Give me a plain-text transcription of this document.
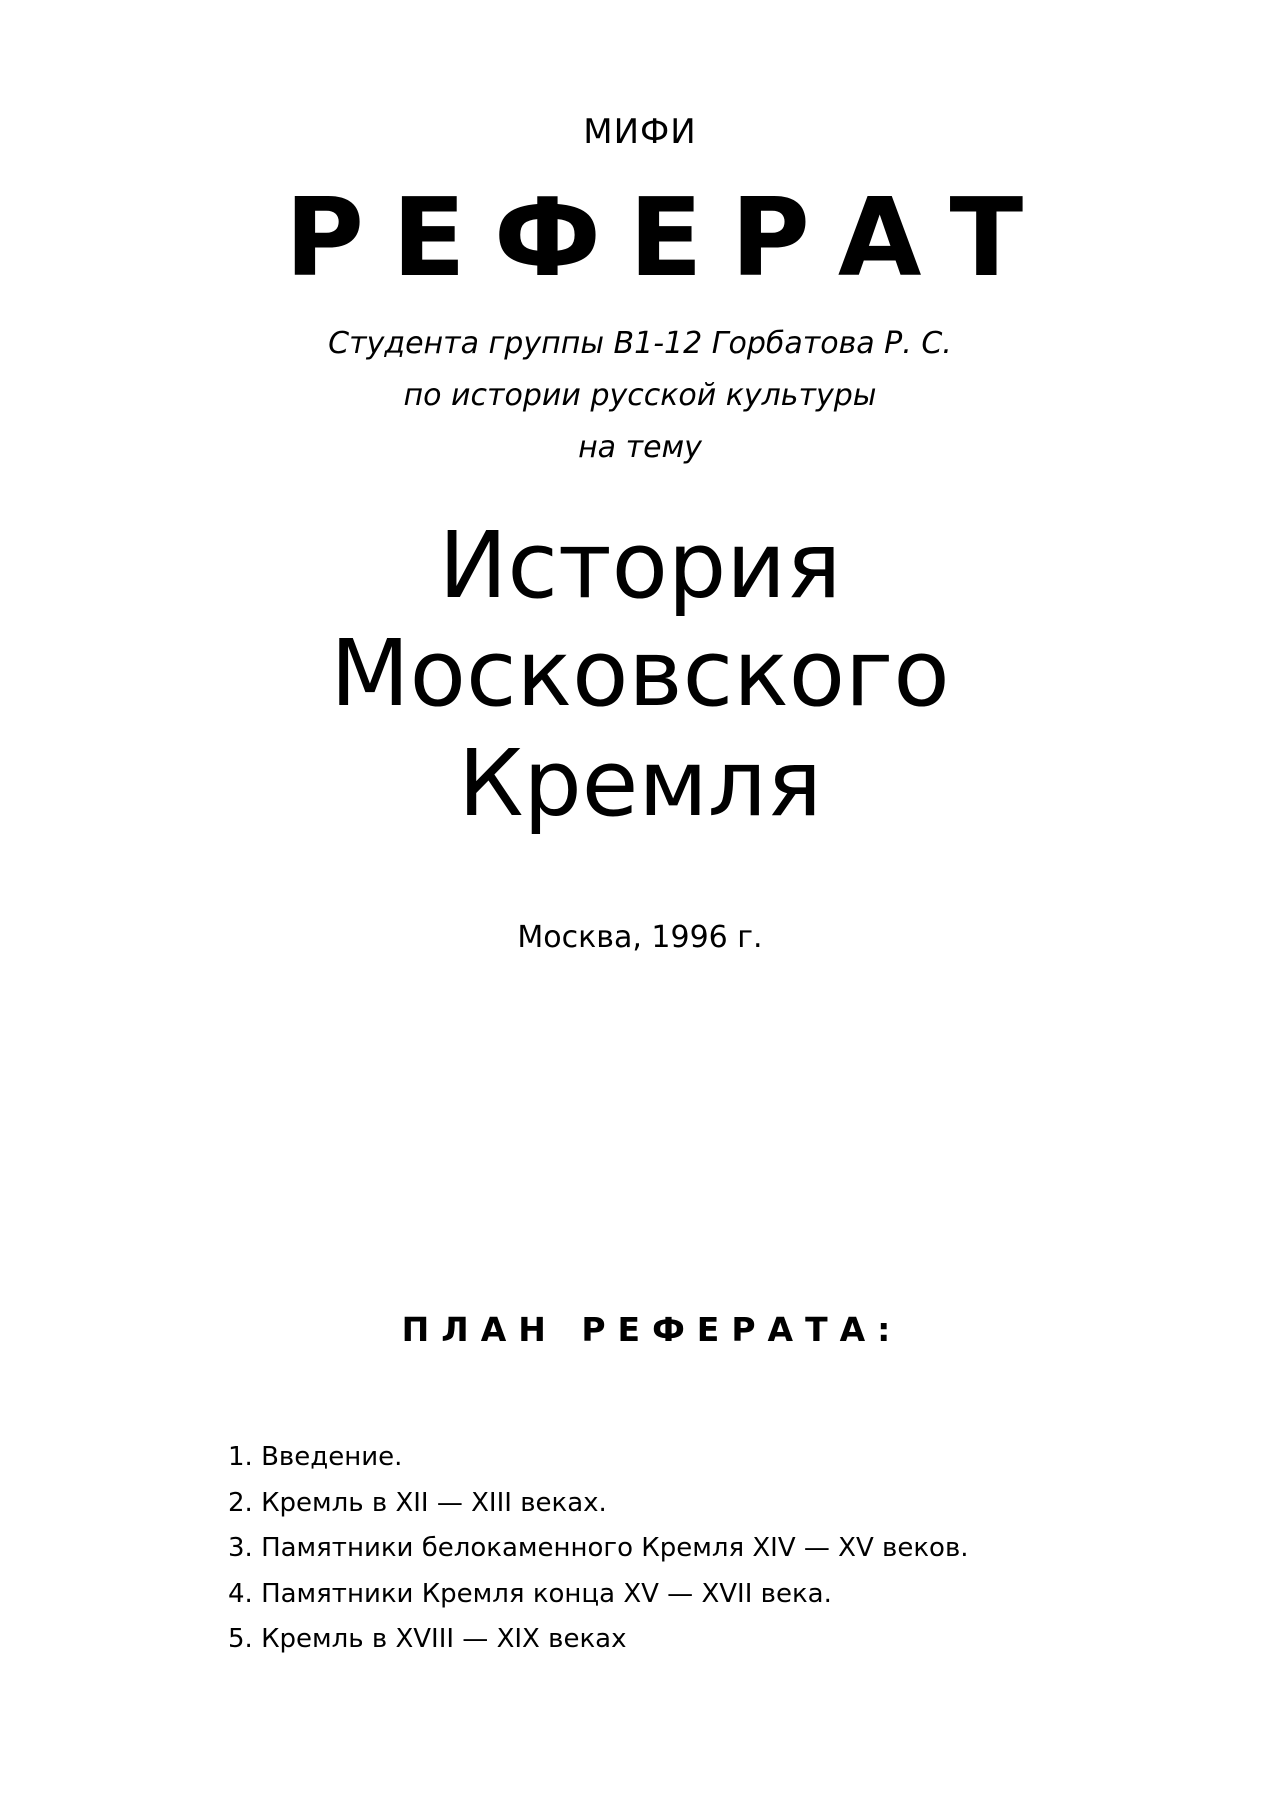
МИФИ
РЕФЕРАТ
Студента группы В1-12 Горбатова Р. С.
по истории русской культуры
на тему
История
Московского
Кремля
Москва, 1996 г.
ПЛАН РЕФЕРАТА:
1. Введение.
2. Кремль в XII — XIII веках.
3. Памятники белокаменного Кремля XIV — XV веков.
4. Памятники Кремля конца XV — XVII века.
5. Кремль в XVIII — XIX веках
